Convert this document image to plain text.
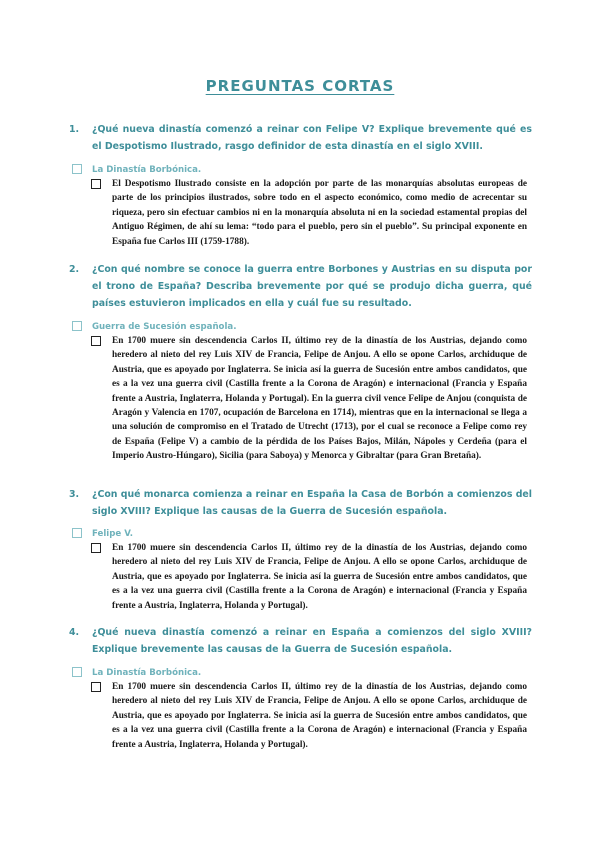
PREGUNTAS CORTAS
1. ¿Qué nueva dinastía comenzó a reinar con Felipe V? Explique brevemente qué es el Despotismo Ilustrado, rasgo definidor de esta dinastía en el siglo XVIII.
La Dinastía Borbónica.
El Despotismo Ilustrado consiste en la adopción por parte de las monarquías absolutas europeas de parte de los principios ilustrados, sobre todo en el aspecto económico, como medio de acrecentar su riqueza, pero sin efectuar cambios ni en la monarquía absoluta ni en la sociedad estamental propias del Antiguo Régimen, de ahí su lema: “todo para el pueblo, pero sin el pueblo”. Su principal exponente en España fue Carlos III (1759-1788).
2. ¿Con qué nombre se conoce la guerra entre Borbones y Austrias en su disputa por el trono de España? Describa brevemente por qué se produjo dicha guerra, qué países estuvieron implicados en ella y cuál fue su resultado.
Guerra de Sucesión española.
En 1700 muere sin descendencia Carlos II, último rey de la dinastía de los Austrias, dejando como heredero al nieto del rey Luis XIV de Francia, Felipe de Anjou. A ello se opone Carlos, archiduque de Austria, que es apoyado por Inglaterra. Se inicia así la guerra de Sucesión entre ambos candidatos, que es a la vez una guerra civil (Castilla frente a la Corona de Aragón) e internacional (Francia y España frente a Austria, Inglaterra, Holanda y Portugal). En la guerra civil vence Felipe de Anjou (conquista de Aragón y Valencia en 1707, ocupación de Barcelona en 1714), mientras que en la internacional se llega a una solución de compromiso en el Tratado de Utrecht (1713), por el cual se reconoce a Felipe como rey de España (Felipe V) a cambio de la pérdida de los Países Bajos, Milán, Nápoles y Cerdeña (para el Imperio Austro-Húngaro), Sicilia (para Saboya) y Menorca y Gibraltar (para Gran Bretaña).
3. ¿Con qué monarca comienza a reinar en España la Casa de Borbón a comienzos del siglo XVIII? Explique las causas de la Guerra de Sucesión española.
Felipe V.
En 1700 muere sin descendencia Carlos II, último rey de la dinastía de los Austrias, dejando como heredero al nieto del rey Luis XIV de Francia, Felipe de Anjou. A ello se opone Carlos, archiduque de Austria, que es apoyado por Inglaterra. Se inicia así la guerra de Sucesión entre ambos candidatos, que es a la vez una guerra civil (Castilla frente a la Corona de Aragón) e internacional (Francia y España frente a Austria, Inglaterra, Holanda y Portugal).
4. ¿Qué nueva dinastía comenzó a reinar en España a comienzos del siglo XVIII? Explique brevemente las causas de la Guerra de Sucesión española.
La Dinastía Borbónica.
En 1700 muere sin descendencia Carlos II, último rey de la dinastía de los Austrias, dejando como heredero al nieto del rey Luis XIV de Francia, Felipe de Anjou. A ello se opone Carlos, archiduque de Austria, que es apoyado por Inglaterra. Se inicia así la guerra de Sucesión entre ambos candidatos, que es a la vez una guerra civil (Castilla frente a la Corona de Aragón) e internacional (Francia y España frente a Austria, Inglaterra, Holanda y Portugal).
